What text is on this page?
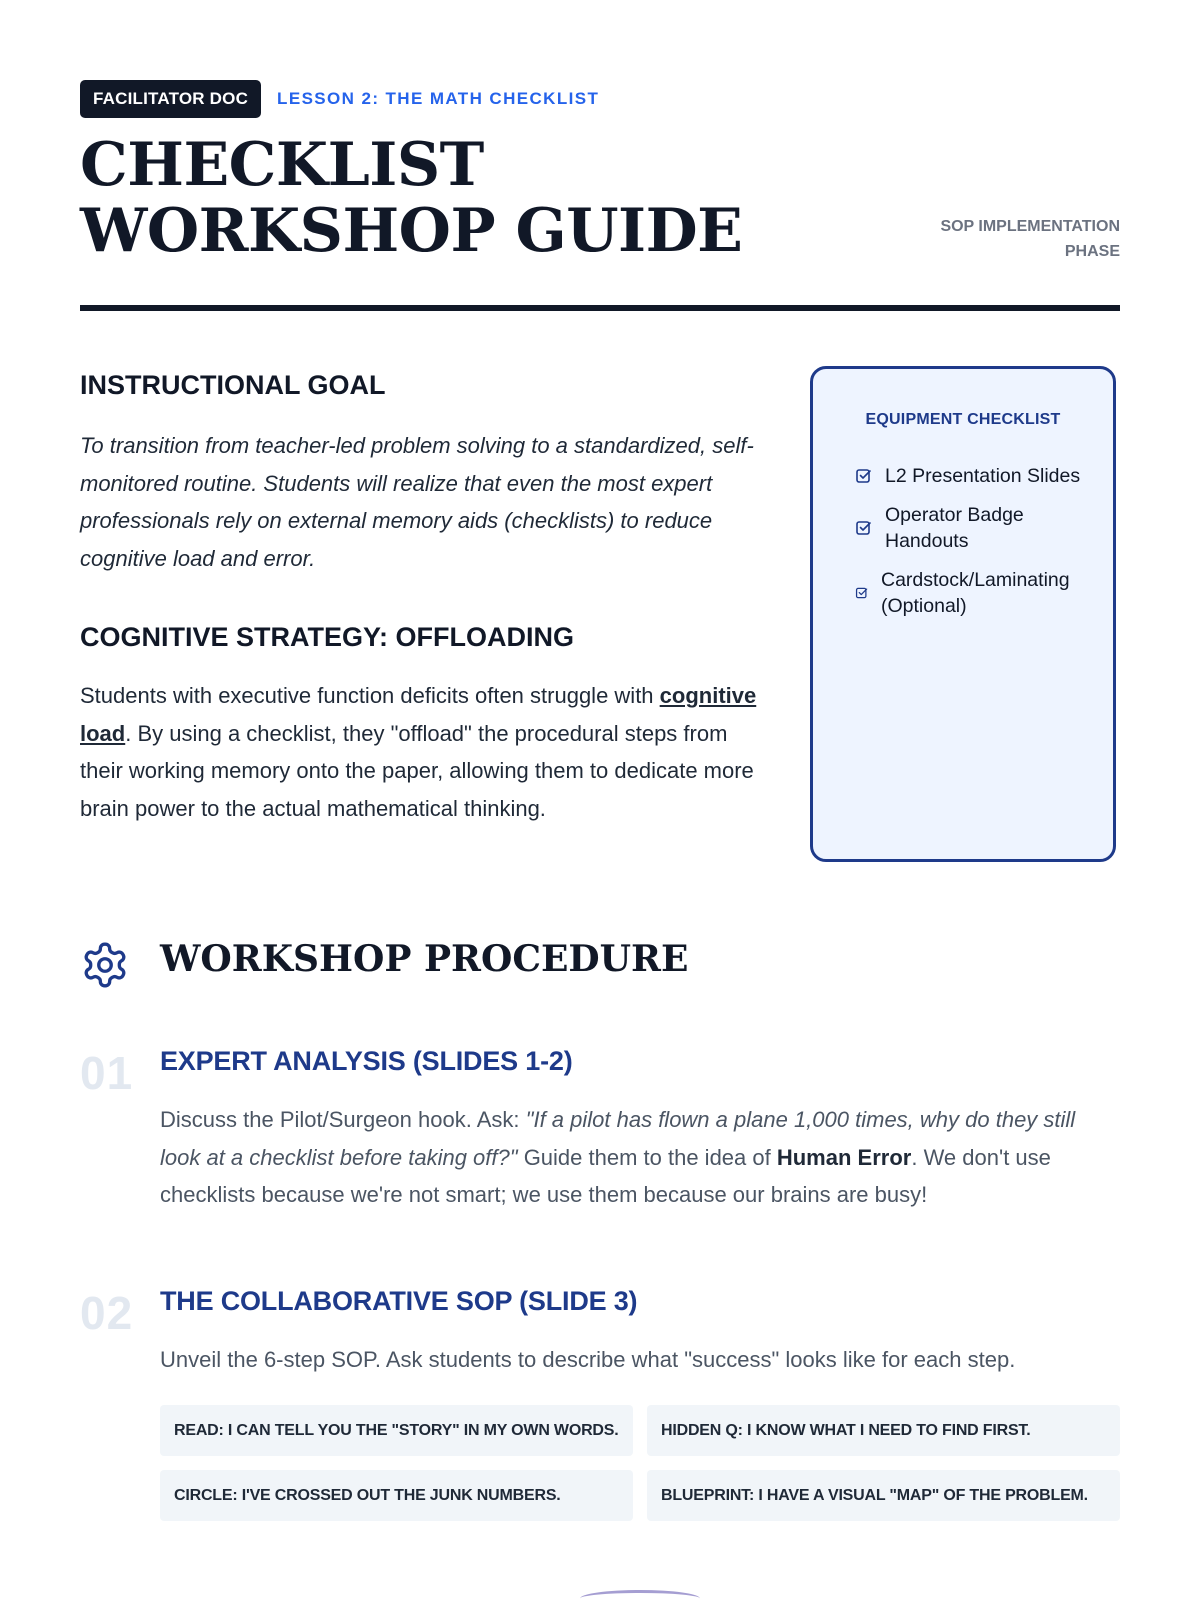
FACILITATOR DOC	LESSON 2: THE MATH CHECKLIST
CHECKLIST WORKSHOP GUIDE	SOP IMPLEMENTATION PHASE
INSTRUCTIONAL GOAL

To transition from teacher-led problem solving to a standardized, self-monitored routine. Students will realize that even the most expert professionals rely on external memory aids (checklists) to reduce cognitive load and error.

COGNITIVE STRATEGY: OFFLOADING

Students with executive function deficits often struggle with cognitive load. By using a checklist, they "offload" the procedural steps from their working memory onto the paper, allowing them to dedicate more brain power to the actual mathematical thinking.

EQUIPMENT CHECKLIST
L2 Presentation Slides
Operator Badge Handouts
Cardstock/Laminating (Optional)
WORKSHOP PROCEDURE
01 EXPERT ANALYSIS (SLIDES 1-2)

Discuss the Pilot/Surgeon hook. Ask: "If a pilot has flown a plane 1,000 times, why do they still look at a checklist before taking off?" Guide them to the idea of Human Error. We don't use checklists because we're not smart; we use them because our brains are busy!

02 THE COLLABORATIVE SOP (SLIDE 3)

Unveil the 6-step SOP. Ask students to describe what "success" looks like for each step.

READ: I CAN TELL YOU THE "STORY" IN MY OWN WORDS.	HIDDEN Q: I KNOW WHAT I NEED TO FIND FIRST.
CIRCLE: I'VE CROSSED OUT THE JUNK NUMBERS.	BLUEPRINT: I HAVE A VISUAL "MAP" OF THE PROBLEM.
